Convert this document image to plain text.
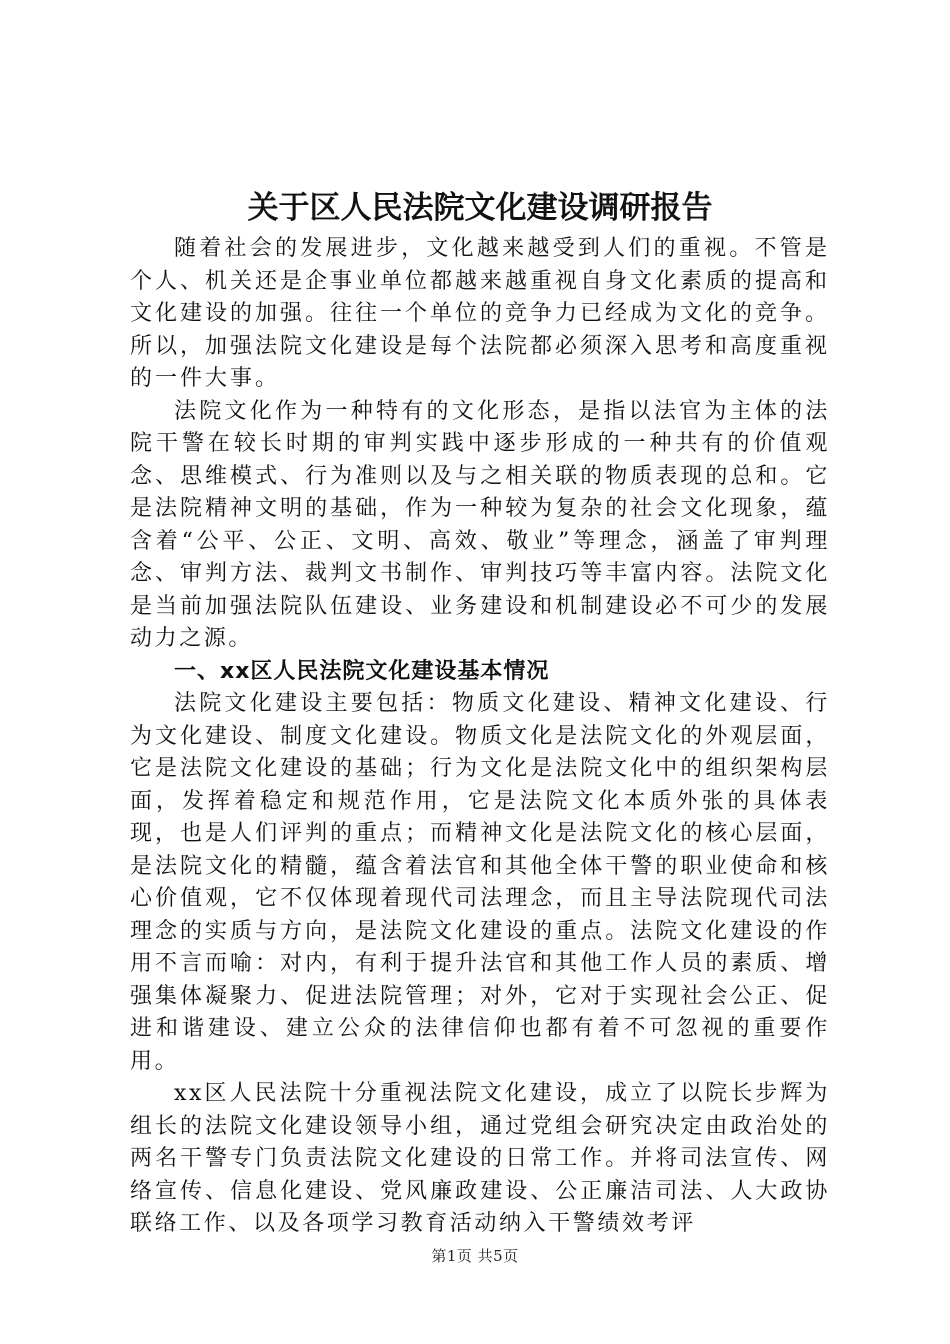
关于区人民法院文化建设调研报告

随着社会的发展进步，文化越来越受到人们的重视。不管是个人、机关还是企事业单位都越来越重视自身文化素质的提高和文化建设的加强。往往一个单位的竞争力已经成为文化的竞争。所以，加强法院文化建设是每个法院都必须深入思考和高度重视的一件大事。

法院文化作为一种特有的文化形态，是指以法官为主体的法院干警在较长时期的审判实践中逐步形成的一种共有的价值观念、思维模式、行为准则以及与之相关联的物质表现的总和。它是法院精神文明的基础，作为一种较为复杂的社会文化现象，蕴含着“公平、公正、文明、高效、敬业”等理念，涵盖了审判理念、审判方法、裁判文书制作、审判技巧等丰富内容。法院文化是当前加强法院队伍建设、业务建设和机制建设必不可少的发展动力之源。

一、xx区人民法院文化建设基本情况

法院文化建设主要包括：物质文化建设、精神文化建设、行为文化建设、制度文化建设。物质文化是法院文化的外观层面，它是法院文化建设的基础；行为文化是法院文化中的组织架构层面，发挥着稳定和规范作用，它是法院文化本质外张的具体表现，也是人们评判的重点；而精神文化是法院文化的核心层面，是法院文化的精髓，蕴含着法官和其他全体干警的职业使命和核心价值观，它不仅体现着现代司法理念，而且主导法院现代司法理念的实质与方向，是法院文化建设的重点。法院文化建设的作用不言而喻：对内，有利于提升法官和其他工作人员的素质、增强集体凝聚力、促进法院管理；对外，它对于实现社会公正、促进和谐建设、建立公众的法律信仰也都有着不可忽视的重要作用。

xx区人民法院十分重视法院文化建设，成立了以院长步辉为组长的法院文化建设领导小组，通过党组会研究决定由政治处的两名干警专门负责法院文化建设的日常工作。并将司法宣传、网络宣传、信息化建设、党风廉政建设、公正廉洁司法、人大政协联络工作、以及各项学习教育活动纳入干警绩效考评

第1页 共5页
